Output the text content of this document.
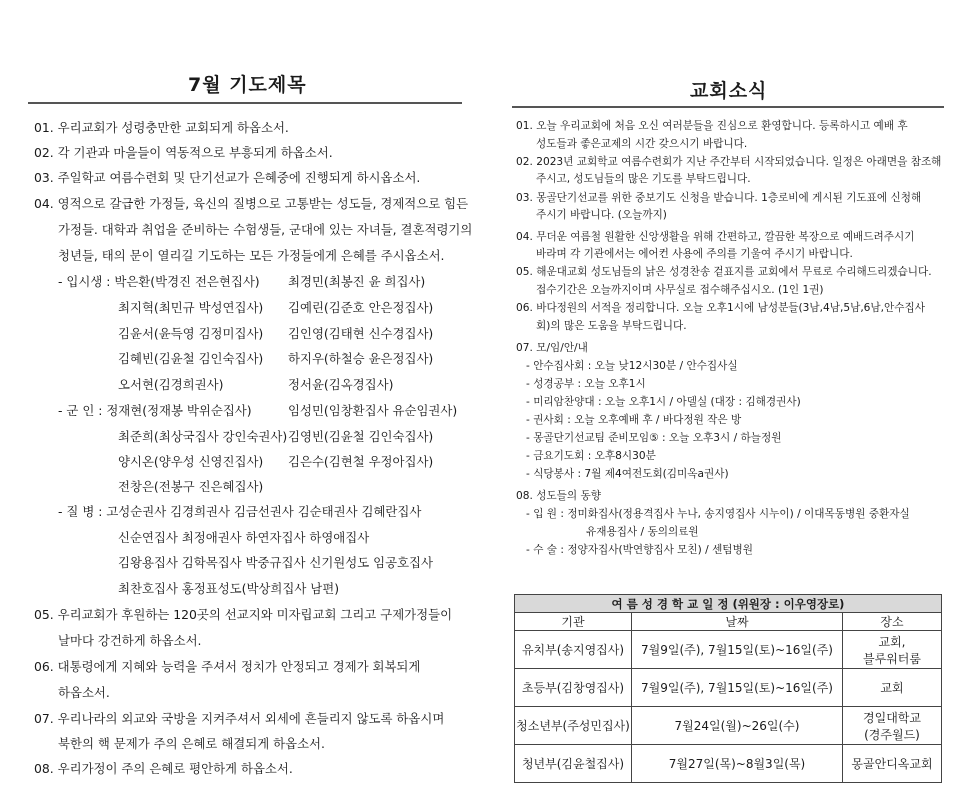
7월 기도제목
01. 우리교회가 성령충만한 교회되게 하옵소서.
02. 각 기관과 마을들이 역동적으로 부흥되게 하옵소서.
03. 주일학교 여름수련회 및 단기선교가 은혜중에 진행되게 하시옵소서.
04. 영적으로 갈급한 가정들, 육신의 질병으로 고통받는 성도들, 경제적으로 힘든
가정들. 대학과 취업을 준비하는 수험생들, 군대에 있는 자녀들, 결혼적령기의
청년들, 태의 문이 열리길 기도하는 모든 가정들에게 은혜를 주시옵소서.
- 입시생 : 박은환(박경진 전은현집사) 최경민(최봉진 윤 희집사)
최지혁(최민규 박성연집사) 김예린(김준호 안은정집사)
김윤서(윤득영 김정미집사) 김인영(김태현 신수경집사)
김혜빈(김윤철 김인숙집사) 하지우(하철승 윤은정집사)
오서현(김경희권사)	정서윤(김옥경집사)
- 군 인 : 정재현(정재봉 박위순집사)	임성민(임창환집사 유순임권사)
최준희(최상국집사 강인숙권사) 김영빈(김윤철 김인숙집사)
양시온(양우성 신영진집사) 김은수(김현철 우정아집사)
전창은(전봉구 진은혜집사)
- 질 병 : 고성순권사 김경희권사 김금선권사 김순태권사 김혜란집사
신순연집사 최정애권사 하연자집사 하영애집사
김왕용집사 김학목집사 박중규집사 신기원성도 임공호집사
최찬호집사 홍정표성도(박상희집사 남편)
05. 우리교회가 후원하는 120곳의 선교지와 미자립교회 그리고 구제가정들이
날마다 강건하게 하옵소서.
06. 대통령에게 지혜와 능력을 주셔서 정치가 안정되고 경제가 회복되게
하옵소서.
07. 우리나라의 외교와 국방을 지켜주셔서 외세에 흔들리지 않도록 하옵시며
북한의 핵 문제가 주의 은혜로 해결되게 하옵소서.
08. 우리가정이 주의 은혜로 평안하게 하옵소서.
교회소식
01. 오늘 우리교회에 처음 오신 여러분들을 진심으로 환영합니다. 등록하시고 예배 후
성도들과 좋은교제의 시간 갖으시기 바랍니다.
02. 2023년 교회학교 여름수련회가 지난 주간부터 시작되었습니다. 일정은 아래면을 참조해
주시고, 성도님들의 많은 기도를 부탁드립니다.
03. 몽골단기선교를 위한 중보기도 신청을 받습니다. 1층로비에 게시된 기도표에 신청해
주시기 바랍니다. (오늘까지)
04. 무더운 여름철 원활한 신앙생활을 위해 간편하고, 깔끔한 복장으로 예배드려주시기
바라며 각 기관에서는 에어컨 사용에 주의를 기울여 주시기 바랍니다.
05. 해운대교회 성도님들의 낡은 성경찬송 겉표지를 교회에서 무료로 수리해드리겠습니다.
접수기간은 오늘까지이며 사무실로 접수해주십시오. (1인 1권)
06. 바다정원의 서적을 정리합니다. 오늘 오후1시에 남성분들(3남,4남,5남,6남,안수집사
회)의 많은 도움을 부탁드립니다.
07. 모/임/안/내
- 안수집사회 : 오늘 낮12시30분 / 안수집사실
- 성경공부 : 오늘 오후1시
- 미리암찬양대 : 오늘 오후1시 / 아델실 (대장 : 김해경권사)
- 권사회 : 오늘 오후예배 후 / 바다정원 작은 방
- 몽골단기선교팀 준비모임⑤ : 오늘 오후3시 / 하늘정원
- 금요기도회 : 오후8시30분
- 식당봉사 : 7월 제4여전도회(김미옥a권사)
08. 성도들의 동향
- 입 원 : 정미화집사(정용격집사 누나, 송지영집사 시누이) / 이대목동병원 중환자실
유재용집사 / 동의의료원
- 수 술 : 정양자집사(박연향집사 모친) / 센텀병원
여 름 성 경 학 교 일 정 (위원장 : 이우영장로)		
기관	날짜	장소
유치부(송지영집사)	7월9일(주), 7월15일(토)~16일(주)	교회,
블루워터룸

초등부(김창영집사)	7월9일(주), 7월15일(토)~16일(주)	교회
청소년부(주성민집사)	7월24일(월)~26일(수)	경일대학교
(경주월드)

청년부(김윤철집사)	7월27일(목)~8월3일(목)	몽골안디옥교회
